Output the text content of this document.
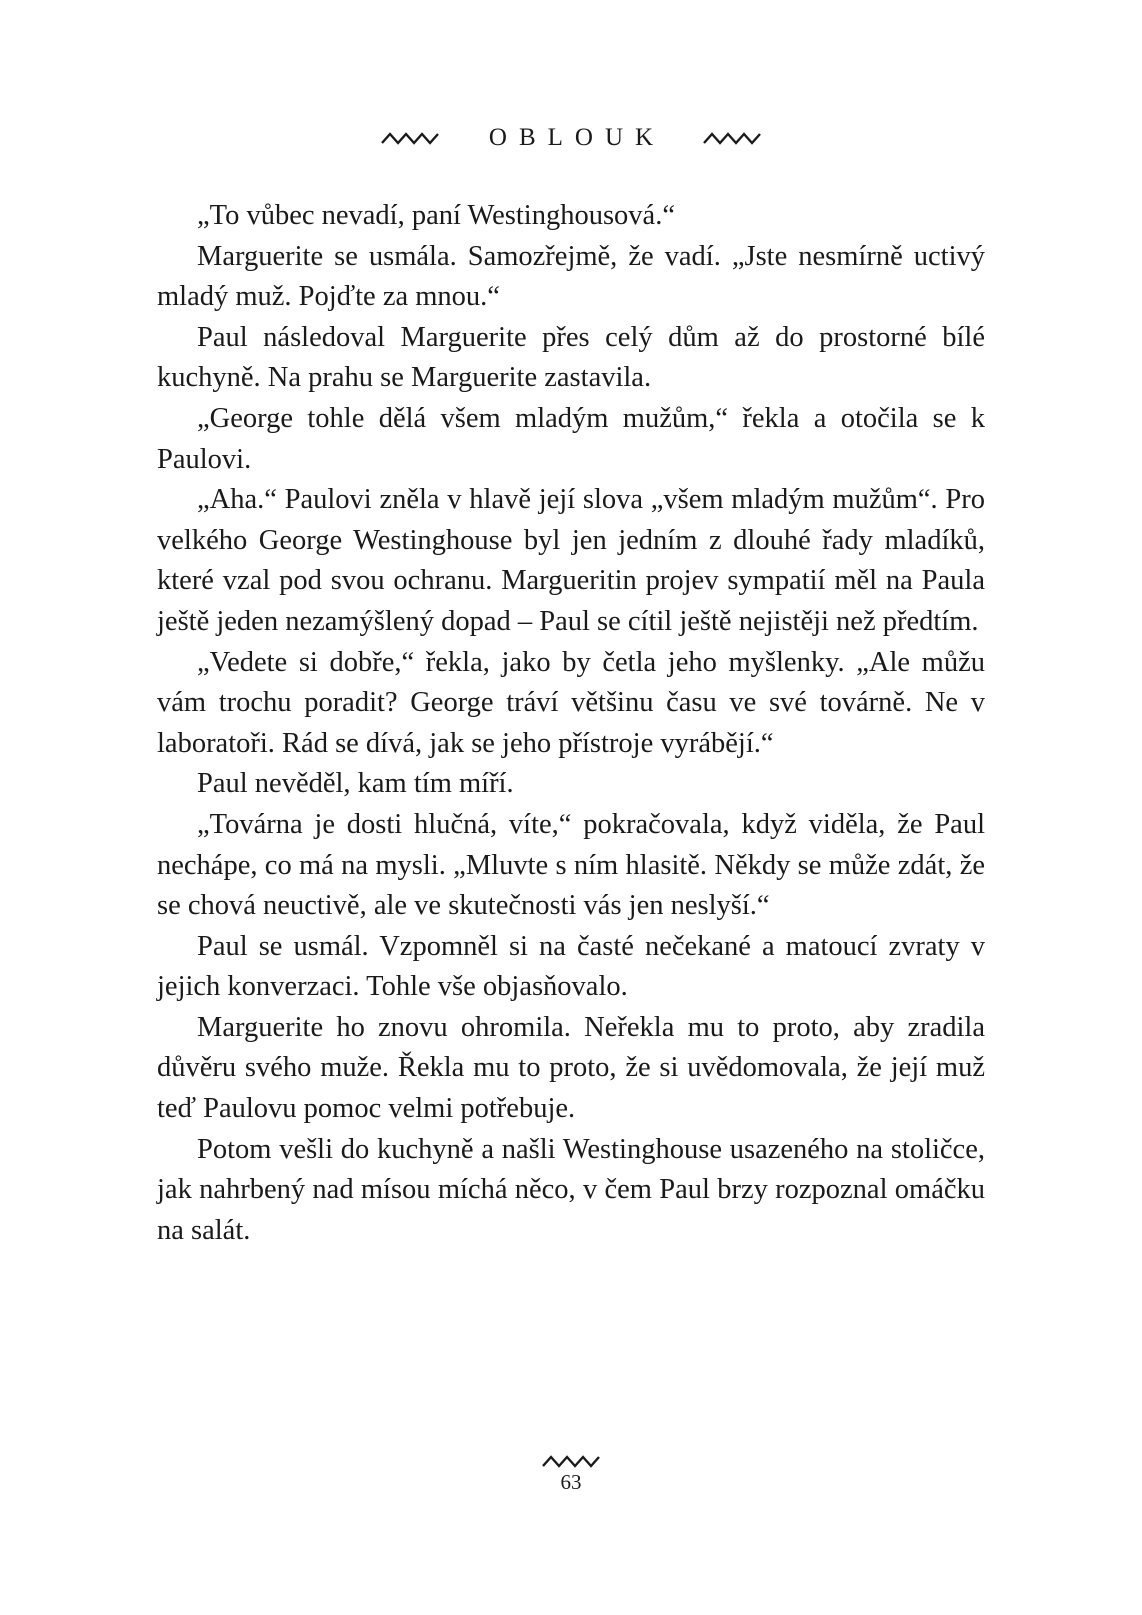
OBLOUK

„To vůbec nevadí, paní Westinghousová.“

Marguerite se usmála. Samozřejmě, že vadí. „Jste nesmírně uctivý mladý muž. Pojďte za mnou.“

Paul následoval Marguerite přes celý dům až do prostorné bílé kuchyně. Na prahu se Marguerite zastavila.

„George tohle dělá všem mladým mužům,“ řekla a otočila se k Paulovi.

„Aha.“ Paulovi zněla v hlavě její slova „všem mladým mužům“. Pro velkého George Westinghouse byl jen jedním z dlouhé řady mladíků, které vzal pod svou ochranu. Margueritin projev sympatií měl na Paula ještě jeden nezamýšlený dopad – Paul se cítil ještě nejistěji než předtím.

„Vedete si dobře,“ řekla, jako by četla jeho myšlenky. „Ale můžu vám trochu poradit? George tráví většinu času ve své továrně. Ne v laboratoři. Rád se dívá, jak se jeho přístroje vyrábějí.“

Paul nevěděl, kam tím míří.

„Továrna je dosti hlučná, víte,“ pokračovala, když viděla, že Paul nechápe, co má na mysli. „Mluvte s ním hlasitě. Někdy se může zdát, že se chová neuctivě, ale ve skutečnosti vás jen neslyší.“

Paul se usmál. Vzpomněl si na časté nečekané a matoucí zvraty v jejich konverzaci. Tohle vše objasňovalo.

Marguerite ho znovu ohromila. Neřekla mu to proto, aby zradila důvěru svého muže. Řekla mu to proto, že si uvědomovala, že její muž teď Paulovu pomoc velmi potřebuje.

Potom vešli do kuchyně a našli Westinghouse usazeného na stoličce, jak nahrbený nad mísou míchá něco, v čem Paul brzy rozpoznal omáčku na salát.

63
